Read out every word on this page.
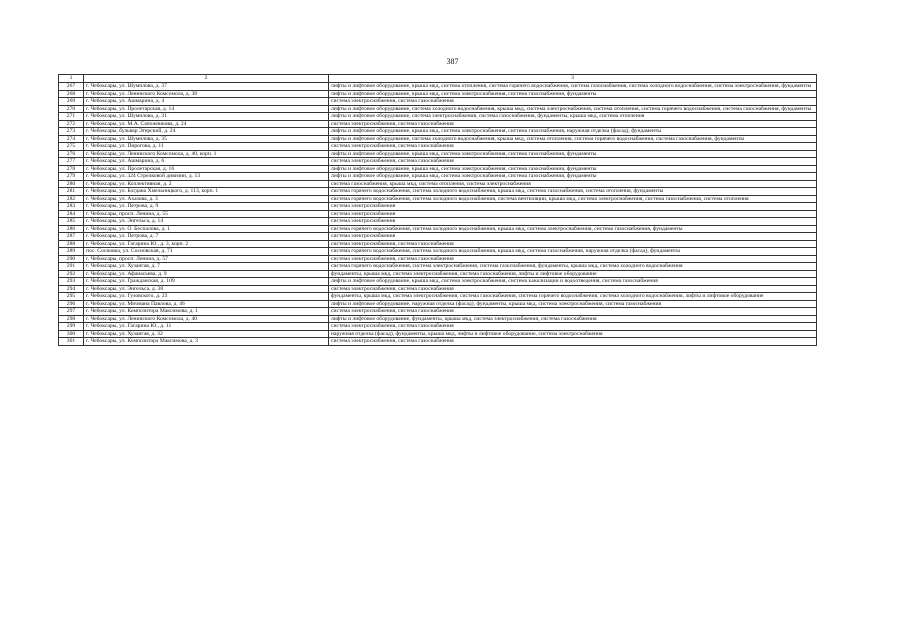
387
1	2	3
267	г. Чебоксары, ул. Шумилова, д. 37	лифты и лифтовое оборудование, крыша мкд, система отопления, система горячего водоснабжения, система газоснабжения, система холодного водоснабжения, система электроснабжения, фундаменты
268	г. Чебоксары, ул. Ленинского Комсомола, д. 38	лифты и лифтовое оборудование, крыша мкд, система электроснабжения, система газоснабжения, фундаменты
269	г. Чебоксары, ул. Ашмарина, д. 4	система электроснабжения, система газоснабжения
270	г. Чебоксары, ул. Пролетарская, д. 14	лифты и лифтовое оборудование, система холодного водоснабжения, крыша мкд, система электроснабжения, система отопления, система горячего водоснабжения, система газоснабжения, фундаменты
271	г. Чебоксары, ул. Шумилова, д. 31	лифты и лифтовое оборудование, система электроснабжения, система газоснабжения, фундаменты, крыша мкд, система отопления
272	г. Чебоксары, ул. М.А. Сапожникова, д. 24	система электроснабжения, система газоснабжения
273	г. Чебоксары, бульвар Эгерский, д. 24	лифты и лифтовое оборудование, крыша мкд, система электроснабжения, система газоснабжения, наружная отделка (фасад), фундаменты
274	г. Чебоксары, ул. Шумилова, д. 35	лифты и лифтовое оборудование, система холодного водоснабжения, крыша мкд, система отопления, система горячего водоснабжения, система газоснабжения, фундаменты
275	г. Чебоксары, ул. Пирогова, д. 11	система электроснабжения, система газоснабжения
276	г. Чебоксары, ул. Ленинского Комсомола, д. 40, корп. 1	лифты и лифтовое оборудование, крыша мкд, система электроснабжения, система газоснабжения, фундаменты
277	г. Чебоксары, ул. Ашмарина, д. 6	система электроснабжения, система газоснабжения
278	г. Чебоксары, ул. Пролетарская, д. 16	лифты и лифтовое оборудование, крыша мкд, система электроснабжения, система газоснабжения, фундаменты
279	г. Чебоксары, ул. 324 Стрелковой дивизии, д. 13	лифты и лифтовое оборудование, крыша мкд, система электроснабжения, система газоснабжения, фундаменты
280	г. Чебоксары, ул. Коллективная, д. 2	система газоснабжения, крыша мкд, система отопления, система электроснабжения
281	г. Чебоксары, ул. Богдана Хмельницкого, д. 113, корп. 1	система горячего водоснабжения, система холодного водоснабжения, крыша мкд, система газоснабжения, система отопления, фундаменты
282	г. Чебоксары, ул. Ахазова, д. 3	система горячего водоснабжения, система холодного водоснабжения, система вентиляции, крыша мкд, система электроснабжения, система газоснабжения, система отопления
283	г. Чебоксары, ул. Петрова, д. 9	система электроснабжения
284	г. Чебоксары, просп. Ленина, д. 55	система электроснабжения
285	г. Чебоксары, ул. Энгельса, д. 14	система электроснабжения
286	г. Чебоксары, ул. О. Беспалова, д. 1	система горячего водоснабжения, система холодного водоснабжения, крыша мкд, система электроснабжения, система газоснабжения, фундаменты
287	г. Чебоксары, ул. Петрова, д. 7	система электроснабжения
288	г. Чебоксары, ул. Гагарина Ю., д. 3, корп. 2	система электроснабжения, система газоснабжения
289	пос. Сосновка, ул. Сосновская, д. 71	система горячего водоснабжения, система холодного водоснабжения, крыша мкд, система газоснабжения, наружная отделка (фасад), фундаменты
290	г. Чебоксары, просп. Ленина, д. 57	система электроснабжения, система газоснабжения
291	г. Чебоксары, ул. Хузангая, д. 7	система горячего водоснабжения, система электроснабжения, система газоснабжения, фундаменты, крыша мкд, система холодного водоснабжения
292	г. Чебоксары, ул. Афанасьева, д. 9	фундаменты, крыша мкд, система электроснабжения, система газоснабжения, лифты и лифтовое оборудование
293	г. Чебоксары, ул. Гражданская, д. 109	лифты и лифтовое оборудование, крыша мкд, система электроснабжения, система канализации и водоотведения, система газоснабжения
294	г. Чебоксары, ул. Энгельса, д. 38	система электроснабжения, система газоснабжения
295	г. Чебоксары, ул. Гузовского, д. 23	фундаменты, крыша мкд, система электроснабжения, система газоснабжения, система горячего водоснабжения, система холодного водоснабжения, лифты и лифтовое оборудование
296	г. Чебоксары, ул. Мичмана Павлова, д. 46	лифты и лифтовое оборудование, наружная отделка (фасад), фундаменты, крыша мкд, система электроснабжения, система газоснабжения
297	г. Чебоксары, ул. Композитора Максимова, д. 1	система электроснабжения, система газоснабжения
298	г. Чебоксары, ул. Ленинского Комсомола, д. 40	лифты и лифтовое оборудование, фундаменты, крыша мкд, система электроснабжения, система газоснабжения
299	г. Чебоксары, ул. Гагарина Ю., д. 11	система электроснабжения, система газоснабжения
300	г. Чебоксары, ул. Хузангая, д. 32	наружная отделка (фасад), фундаменты, крыша мкд, лифты и лифтовое оборудование, система электроснабжения
301	г. Чебоксары, ул. Композитора Максимова, д. 3	система электроснабжения, система газоснабжения
